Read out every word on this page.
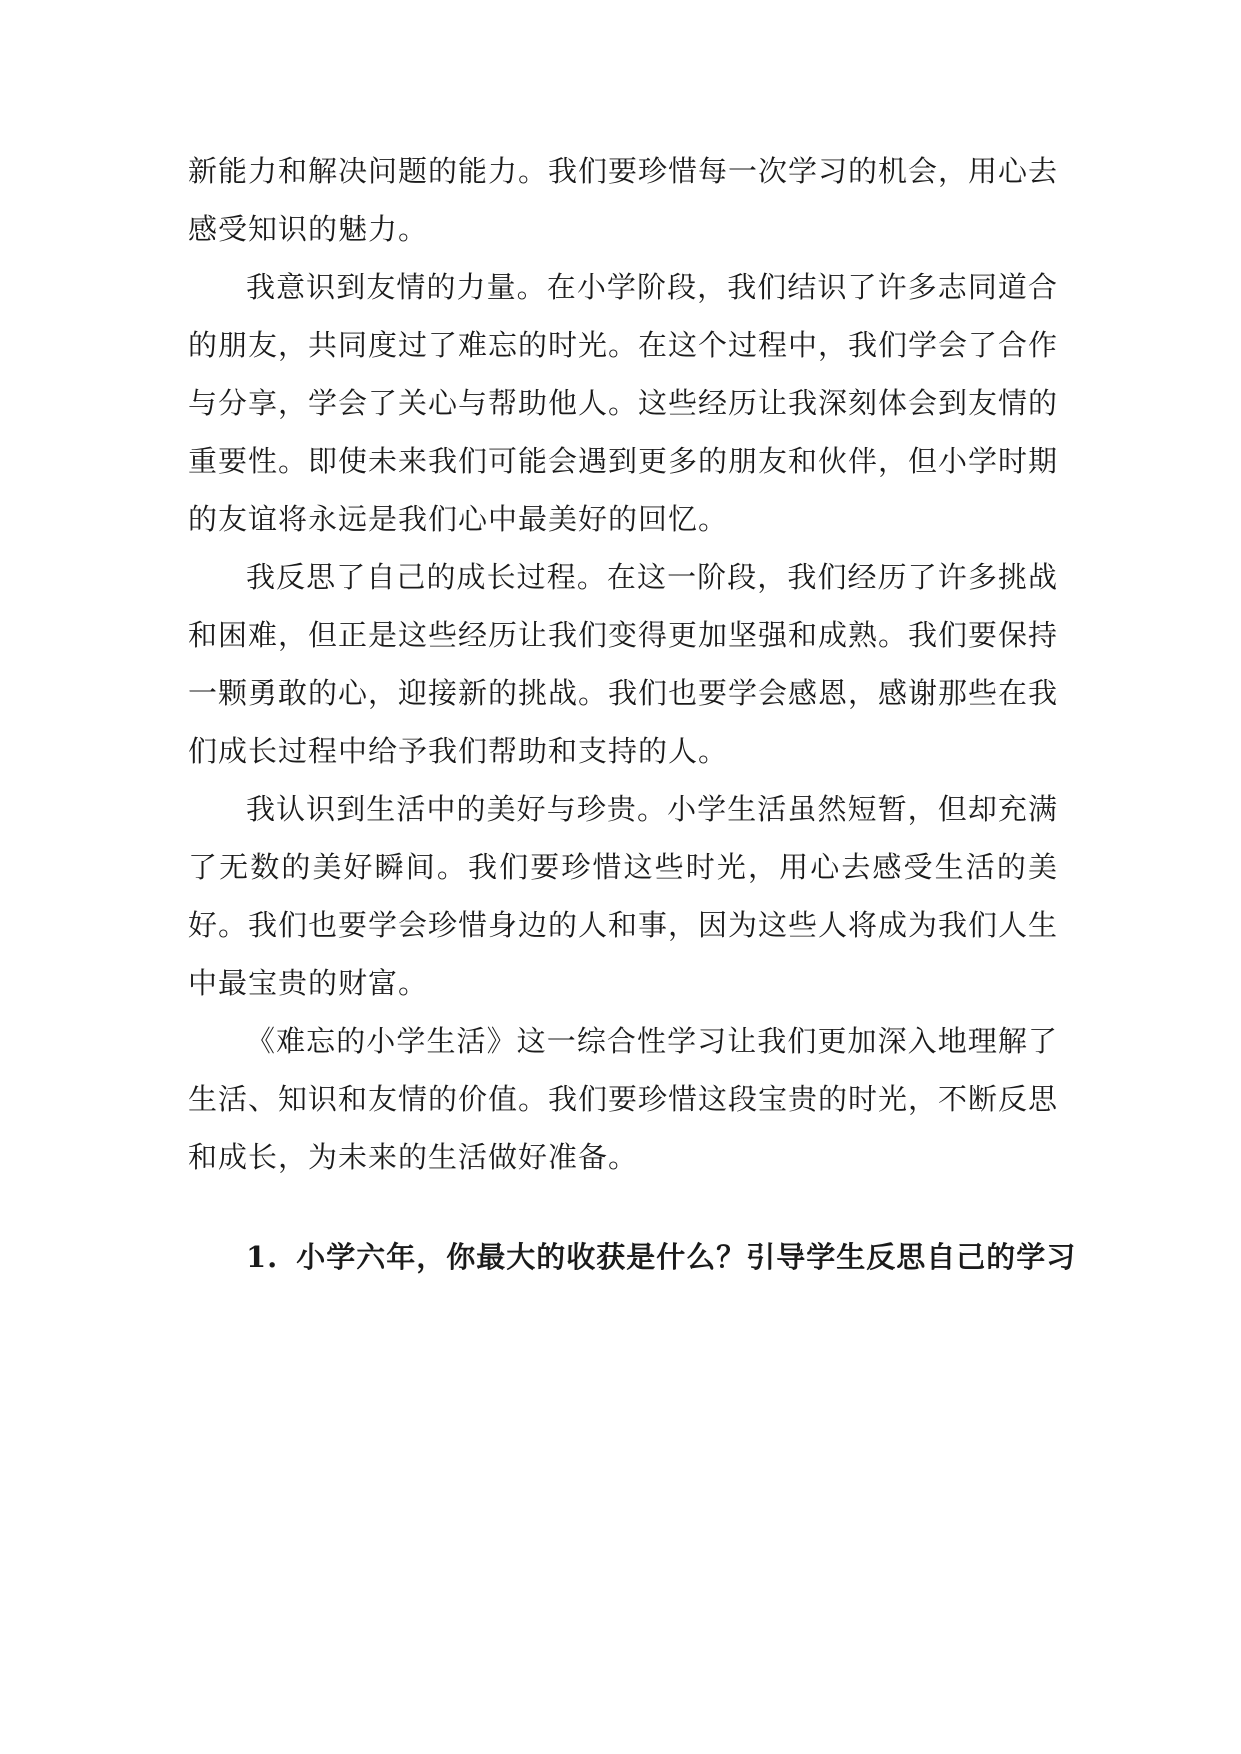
新能力和解决问题的能力。我们要珍惜每一次学习的机会，用心去感受知识的魅力。

我意识到友情的力量。在小学阶段，我们结识了许多志同道合的朋友，共同度过了难忘的时光。在这个过程中，我们学会了合作与分享，学会了关心与帮助他人。这些经历让我深刻体会到友情的重要性。即使未来我们可能会遇到更多的朋友和伙伴，但小学时期的友谊将永远是我们心中最美好的回忆。

我反思了自己的成长过程。在这一阶段，我们经历了许多挑战和困难，但正是这些经历让我们变得更加坚强和成熟。我们要保持一颗勇敢的心，迎接新的挑战。我们也要学会感恩，感谢那些在我们成长过程中给予我们帮助和支持的人。

我认识到生活中的美好与珍贵。小学生活虽然短暂，但却充满了无数的美好瞬间。我们要珍惜这些时光，用心去感受生活的美好。我们也要学会珍惜身边的人和事，因为这些人将成为我们人生中最宝贵的财富。

《难忘的小学生活》这一综合性学习让我们更加深入地理解了生活、知识和友情的价值。我们要珍惜这段宝贵的时光，不断反思和成长，为未来的生活做好准备。

1. 小学六年，你最大的收获是什么？引导学生反思自己的学习
